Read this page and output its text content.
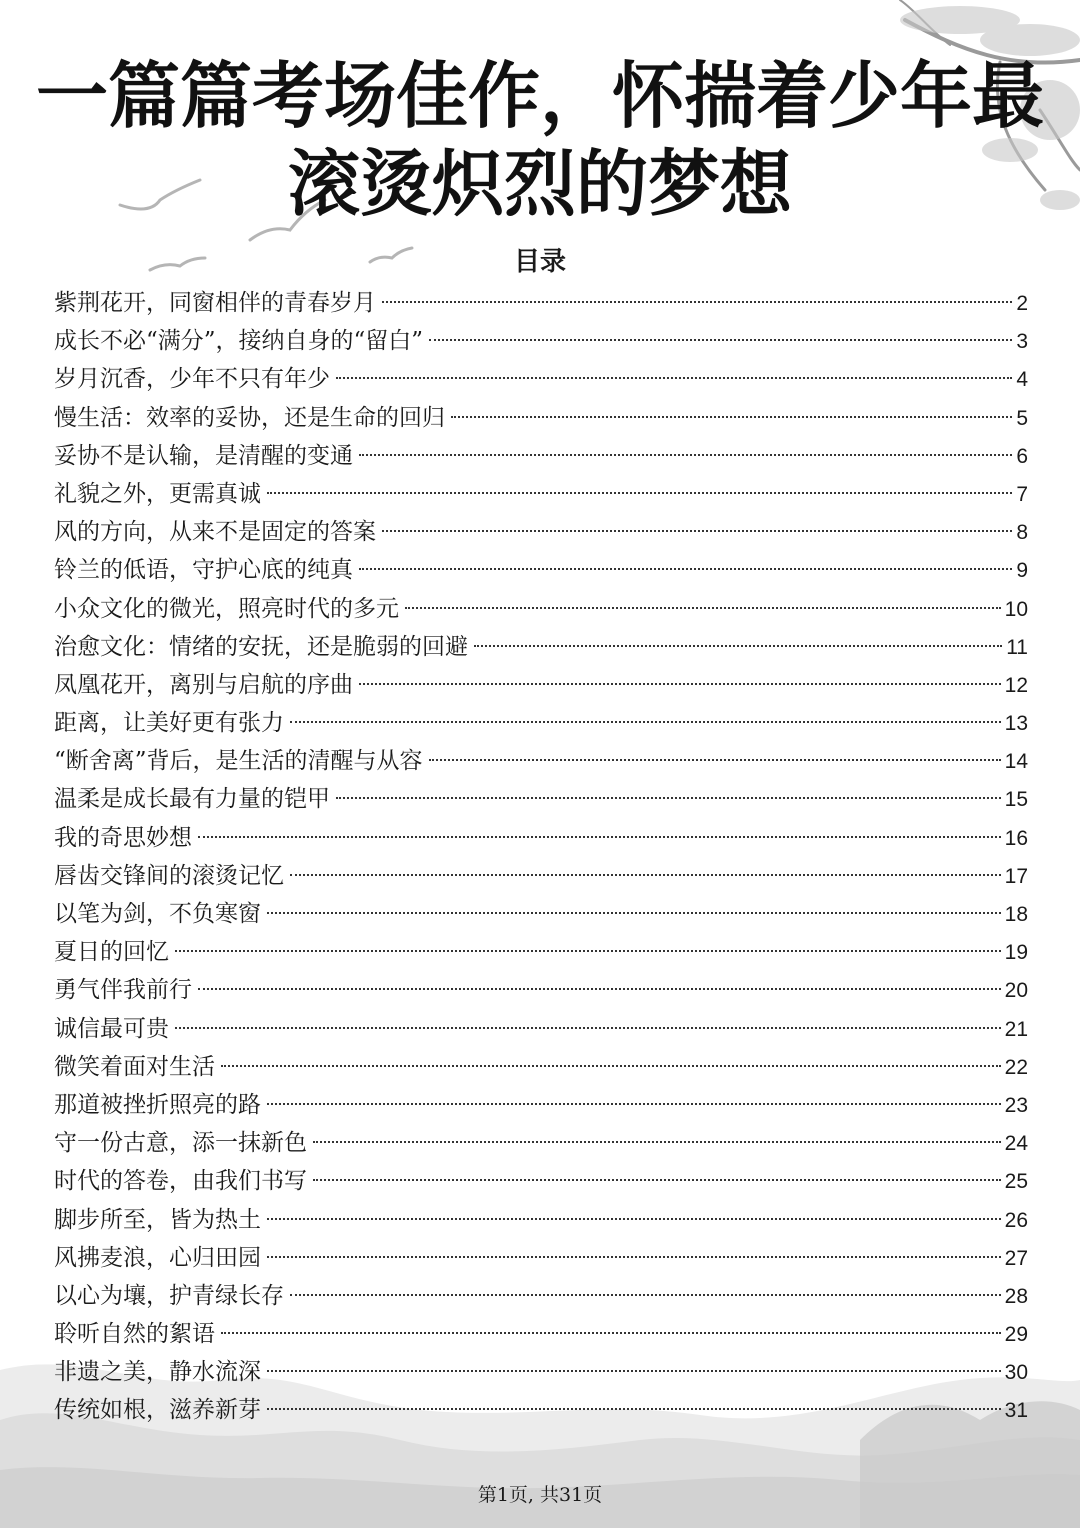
一篇篇考场佳作，怀揣着少年最
滚烫炽烈的梦想
目录
紫荆花开，同窗相伴的青春岁月	2
成长不必“满分”，接纳自身的“留白”	3
岁月沉香，少年不只有年少	4
慢生活：效率的妥协，还是生命的回归	5
妥协不是认输，是清醒的变通	6
礼貌之外，更需真诚	7
风的方向，从来不是固定的答案	8
铃兰的低语，守护心底的纯真	9
小众文化的微光，照亮时代的多元	10
治愈文化：情绪的安抚，还是脆弱的回避	11
凤凰花开，离别与启航的序曲	12
距离，让美好更有张力	13
“断舍离”背后，是生活的清醒与从容	14
温柔是成长最有力量的铠甲	15
我的奇思妙想	16
唇齿交锋间的滚烫记忆	17
以笔为剑，不负寒窗	18
夏日的回忆	19
勇气伴我前行	20
诚信最可贵	21
微笑着面对生活	22
那道被挫折照亮的路	23
守一份古意，添一抹新色	24
时代的答卷，由我们书写	25
脚步所至，皆为热土	26
风拂麦浪，心归田园	27
以心为壤，护青绿长存	28
聆听自然的絮语	29
非遗之美，静水流深	30
传统如根，滋养新芽	31
第1页, 共31页
